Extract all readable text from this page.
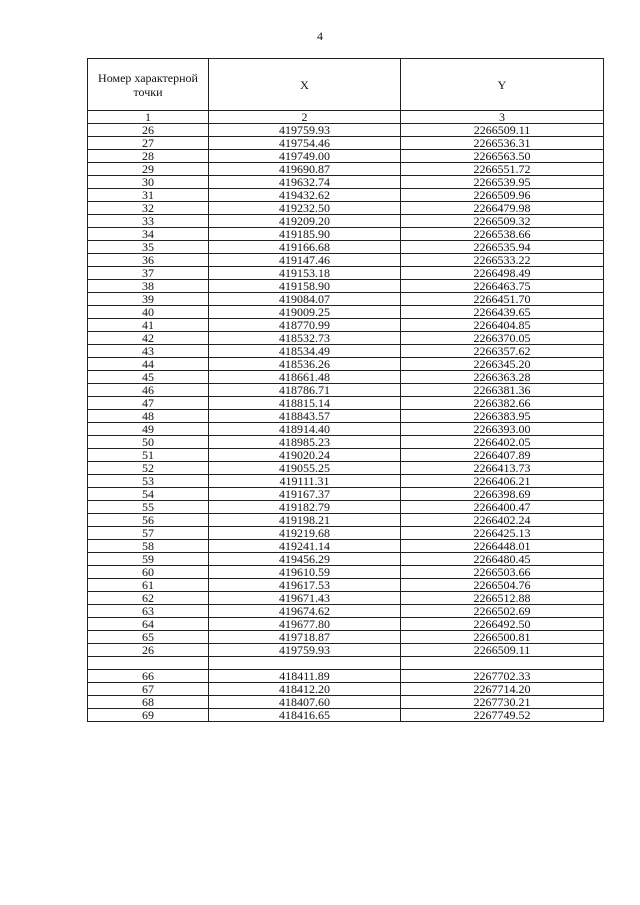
4
Номер характерной точки	X	Y
1	2	3
26	419759.93	2266509.11
27	419754.46	2266536.31
28	419749.00	2266563.50
29	419690.87	2266551.72
30	419632.74	2266539.95
31	419432.62	2266509.96
32	419232.50	2266479.98
33	419209.20	2266509.32
34	419185.90	2266538.66
35	419166.68	2266535.94
36	419147.46	2266533.22
37	419153.18	2266498.49
38	419158.90	2266463.75
39	419084.07	2266451.70
40	419009.25	2266439.65
41	418770.99	2266404.85
42	418532.73	2266370.05
43	418534.49	2266357.62
44	418536.26	2266345.20
45	418661.48	2266363.28
46	418786.71	2266381.36
47	418815.14	2266382.66
48	418843.57	2266383.95
49	418914.40	2266393.00
50	418985.23	2266402.05
51	419020.24	2266407.89
52	419055.25	2266413.73
53	419111.31	2266406.21
54	419167.37	2266398.69
55	419182.79	2266400.47
56	419198.21	2266402.24
57	419219.68	2266425.13
58	419241.14	2266448.01
59	419456.29	2266480.45
60	419610.59	2266503.66
61	419617.53	2266504.76
62	419671.43	2266512.88
63	419674.62	2266502.69
64	419677.80	2266492.50
65	419718.87	2266500.81
26	419759.93	2266509.11

66	418411.89	2267702.33
67	418412.20	2267714.20
68	418407.60	2267730.21
69	418416.65	2267749.52
